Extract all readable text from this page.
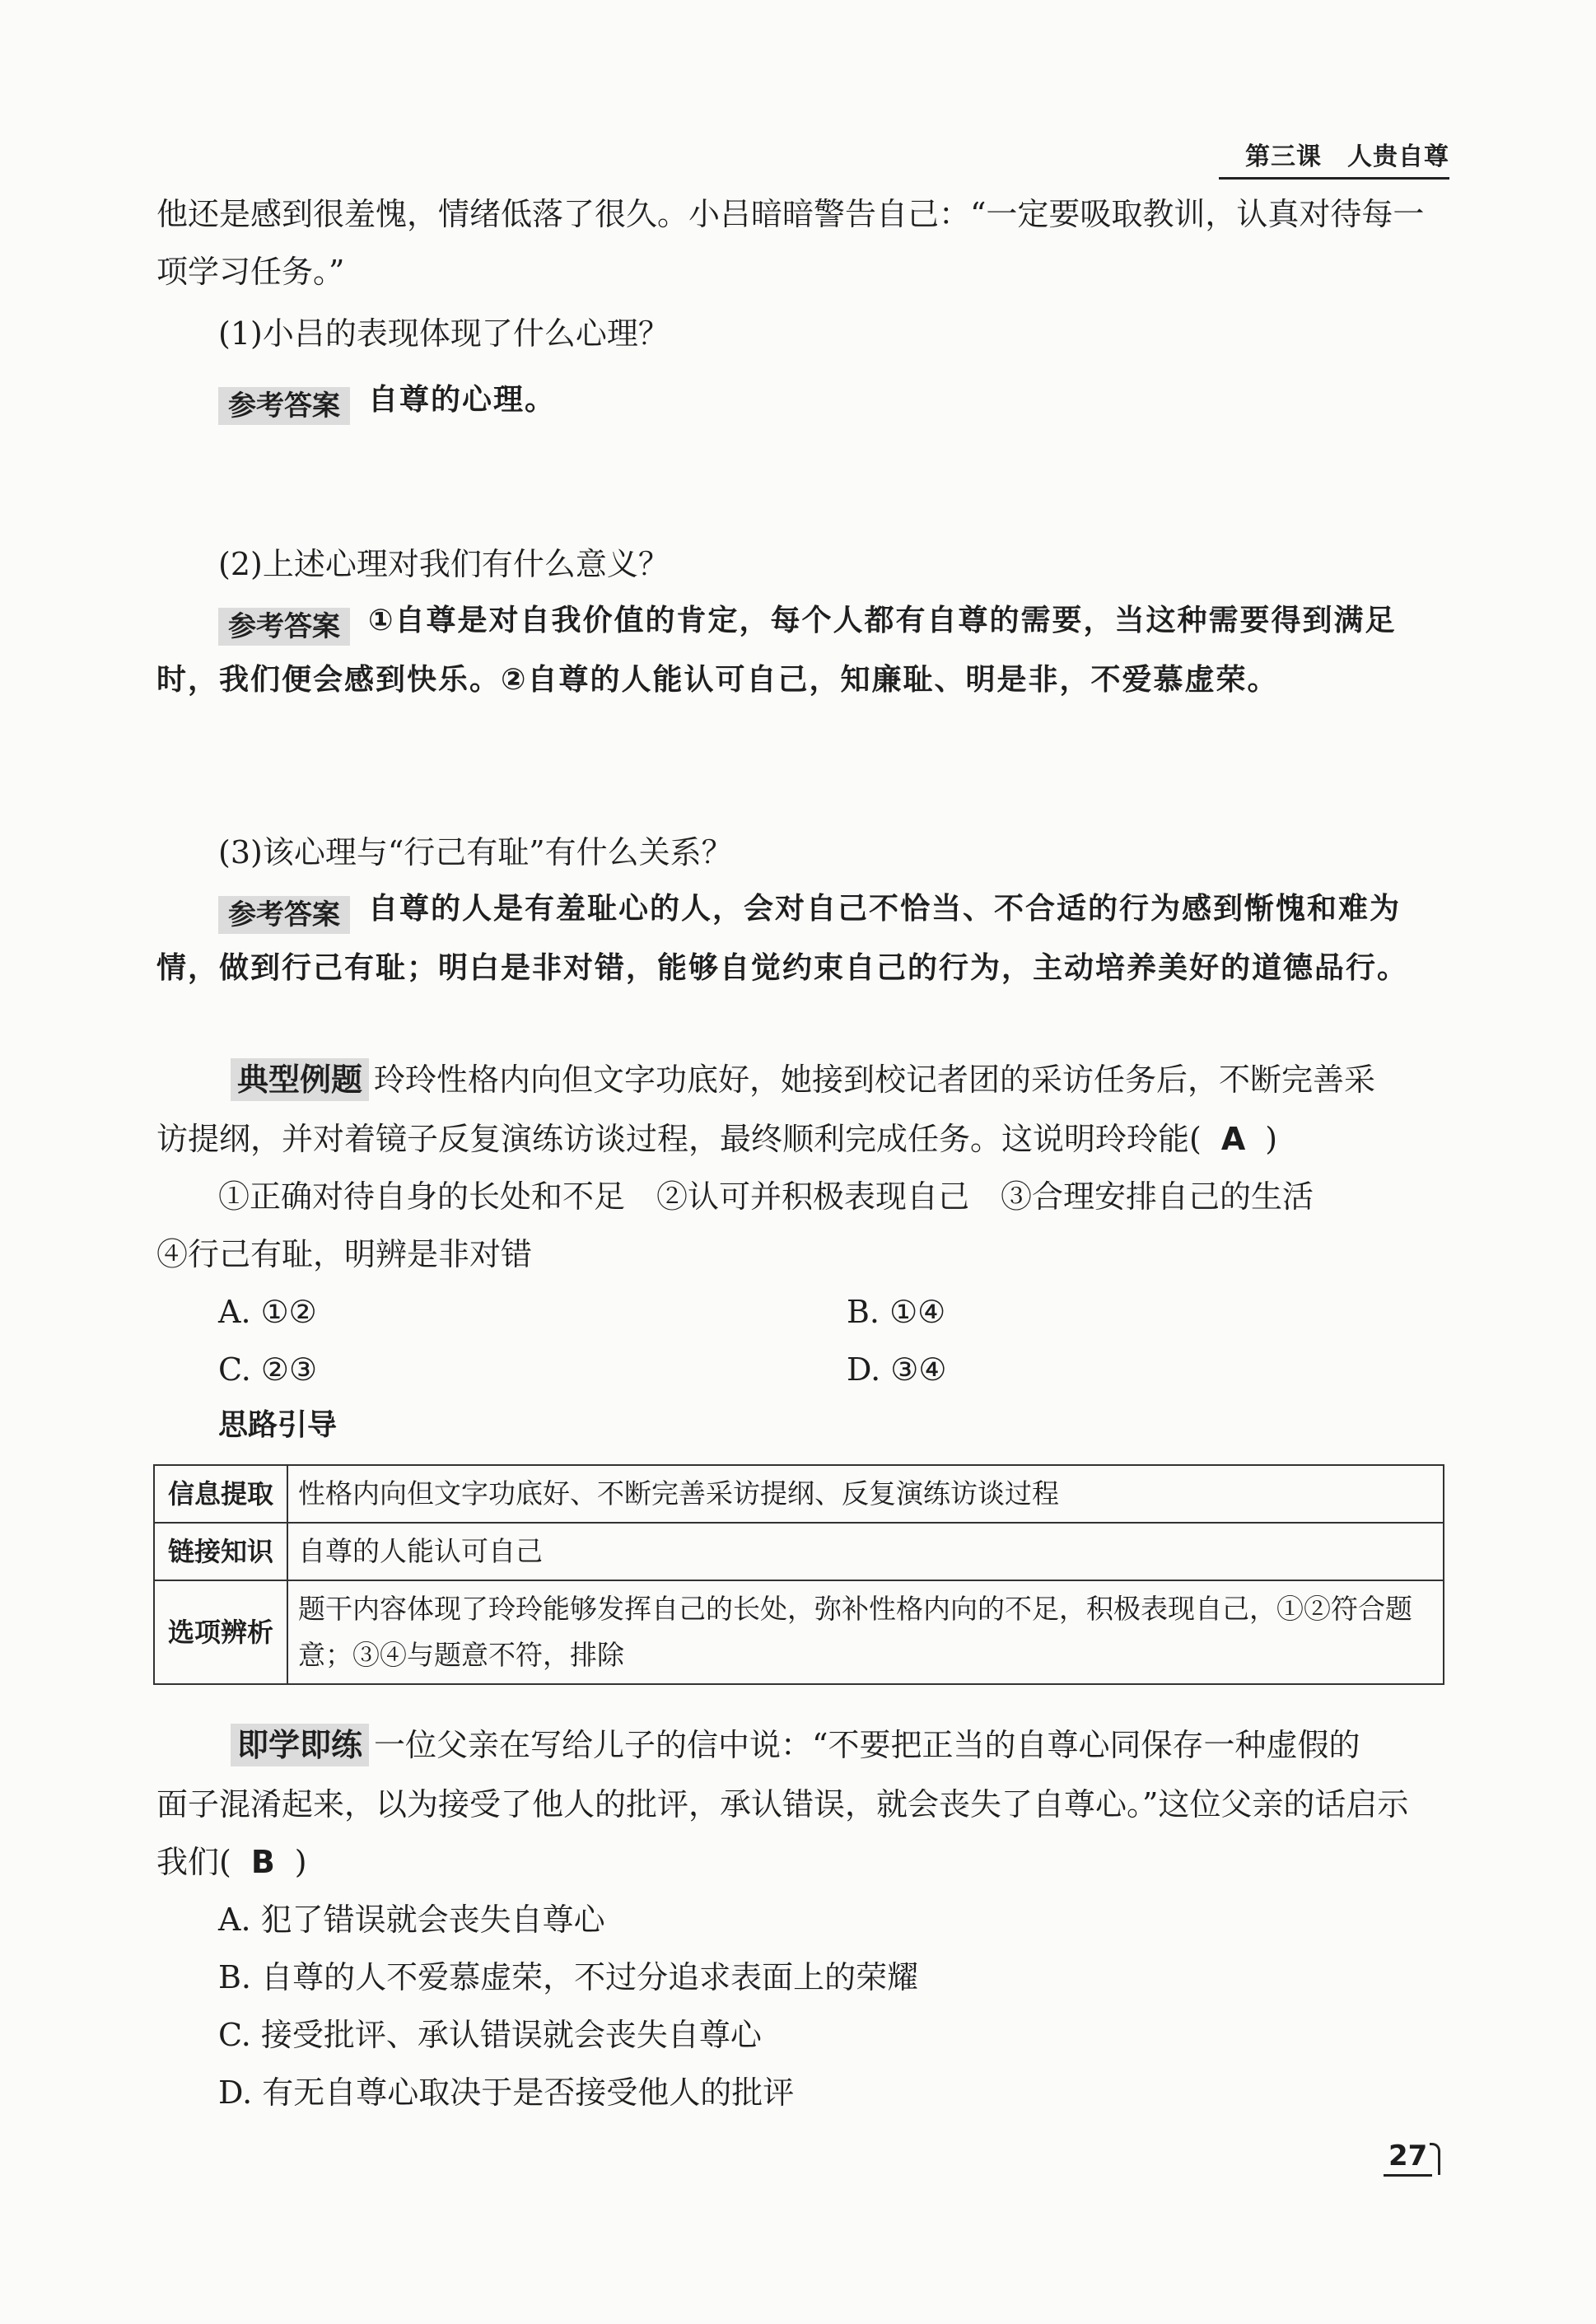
第三课　人贵自尊
他还是感到很羞愧，情绪低落了很久。小吕暗暗警告自己：“一定要吸取教训，认真对待每一
项学习任务。”
(1)小吕的表现体现了什么心理？
参考答案 自尊的心理。
(2)上述心理对我们有什么意义？
参考答案 ①自尊是对自我价值的肯定，每个人都有自尊的需要，当这种需要得到满足
时，我们便会感到快乐。②自尊的人能认可自己，知廉耻、明是非，不爱慕虚荣。
(3)该心理与“行己有耻”有什么关系？
参考答案 自尊的人是有羞耻心的人，会对自己不恰当、不合适的行为感到惭愧和难为
情，做到行己有耻；明白是非对错，能够自觉约束自己的行为，主动培养美好的道德品行。
典型例题 玲玲性格内向但文字功底好，她接到校记者团的采访任务后，不断完善采
访提纲，并对着镜子反复演练访谈过程，最终顺利完成任务。这说明玲玲能( A )
①正确对待自身的长处和不足　②认可并积极表现自己　③合理安排自己的生活
④行己有耻，明辨是非对错
A. ①②	B. ①④
C. ②③	D. ③④
思路引导
信息提取	性格内向但文字功底好、不断完善采访提纲、反复演练访谈过程
链接知识	自尊的人能认可自己
选项辨析	题干内容体现了玲玲能够发挥自己的长处，弥补性格内向的不足，积极表现自己，①②符合题意；③④与题意不符，排除
即学即练 一位父亲在写给儿子的信中说：“不要把正当的自尊心同保存一种虚假的
面子混淆起来，以为接受了他人的批评，承认错误，就会丧失了自尊心。”这位父亲的话启示
我们( B )
A. 犯了错误就会丧失自尊心
B. 自尊的人不爱慕虚荣，不过分追求表面上的荣耀
C. 接受批评、承认错误就会丧失自尊心
D. 有无自尊心取决于是否接受他人的批评
27
